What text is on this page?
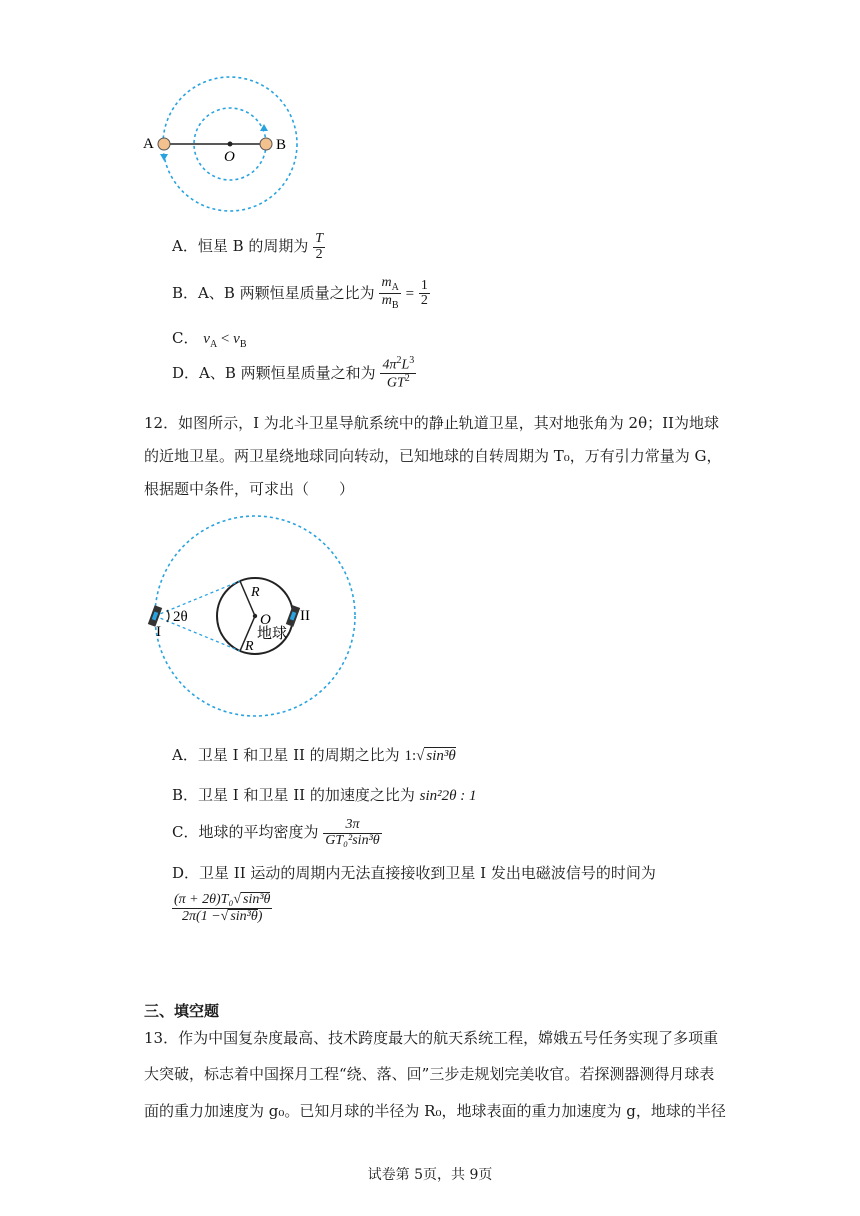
A	B
O
A．恒星 B 的周期为 $\frac{T}{2}$
B．A、B 两颗恒星质量之比为 $\frac{m_A}{m_B} = \frac{1}{2}$
C． $v_A < v_B$
D．A、B 两颗恒星质量之和为 $\frac{4\pi^2L^3}{GT^2}$
12．如图所示，I 为北斗卫星导航系统中的静止轨道卫星，其对地张角为 2θ；II为地球
的近地卫星。两卫星绕地球同向转动，已知地球的自转周期为 T₀，万有引力常量为 G，
根据题中条件，可求出（　　）
R
R
O
地球
2θ
I
II
A．卫星 I 和卫星 II 的周期之比为 1:√ sin³θ
B．卫星 I 和卫星 II 的加速度之比为 sin²2θ : 1
C．地球的平均密度为 $\frac{3\pi}{\text{GT₀²sin³θ}}$
D．卫星 II 运动的周期内无法直接接收到卫星 I 发出电磁波信号的时间为
$\frac{\text{(π + 2θ)T₀√ sin³θ}}{\text{2π(1 −√ sin³θ)}}$
三、填空题
13．作为中国复杂度最高、技术跨度最大的航天系统工程，嫦娥五号任务实现了多项重
大突破，标志着中国探月工程“绕、落、回”三步走规划完美收官。若探测器测得月球表
面的重力加速度为 g₀。已知月球的半径为 R₀，地球表面的重力加速度为 g，地球的半径
试卷第 5页，共 9页
